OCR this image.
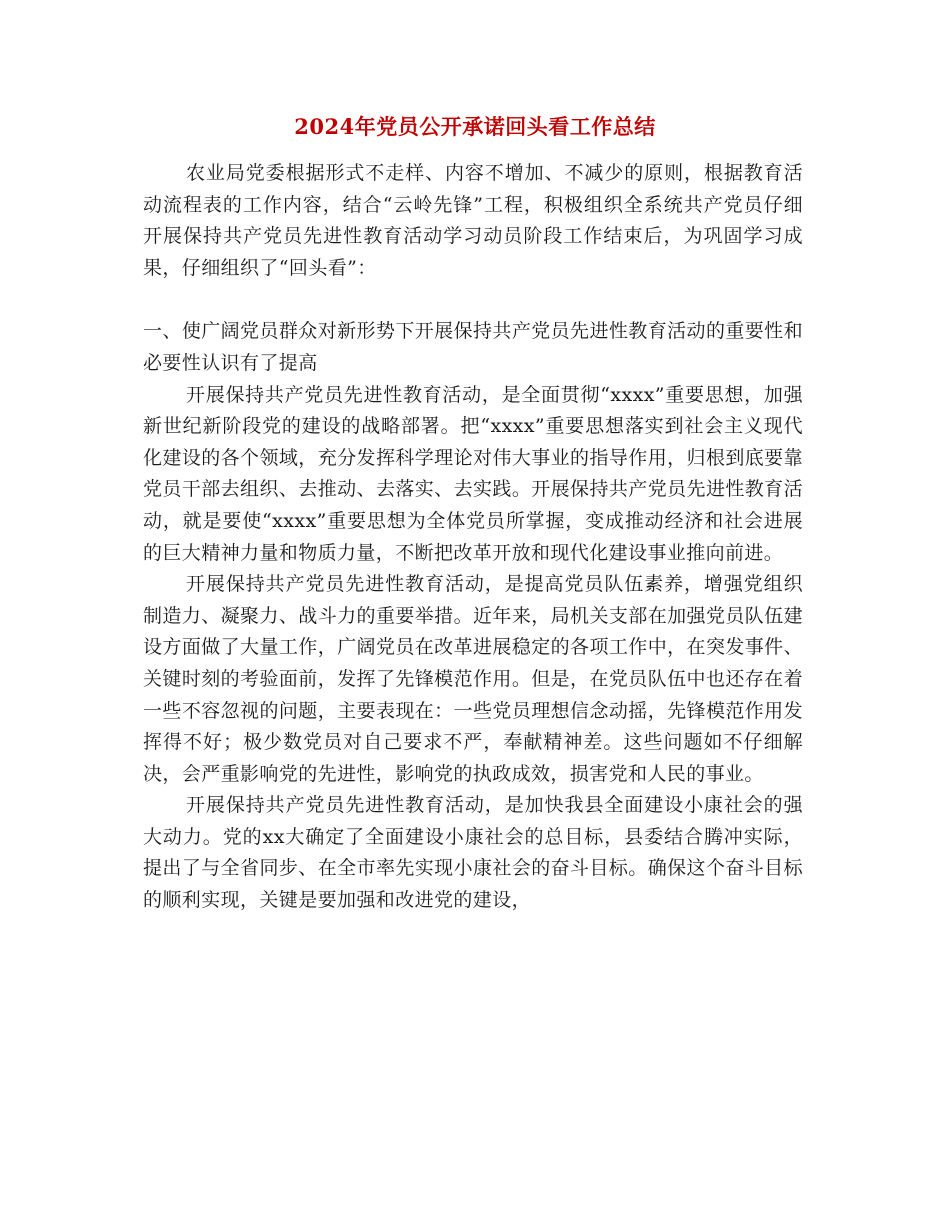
2024年党员公开承诺回头看工作总结

农业局党委根据形式不走样、内容不增加、不减少的原则，根据教育活动流程表的工作内容，结合“云岭先锋”工程，积极组织全系统共产党员仔细开展保持共产党员先进性教育活动学习动员阶段工作结束后，为巩固学习成果，仔细组织了“回头看”：

一、使广阔党员群众对新形势下开展保持共产党员先进性教育活动的重要性和必要性认识有了提高

开展保持共产党员先进性教育活动，是全面贯彻“xxxx”重要思想，加强新世纪新阶段党的建设的战略部署。把“xxxx”重要思想落实到社会主义现代化建设的各个领域，充分发挥科学理论对伟大事业的指导作用，归根到底要靠党员干部去组织、去推动、去落实、去实践。开展保持共产党员先进性教育活动，就是要使“xxxx”重要思想为全体党员所掌握，变成推动经济和社会进展的巨大精神力量和物质力量，不断把改革开放和现代化建设事业推向前进。

开展保持共产党员先进性教育活动，是提高党员队伍素养，增强党组织制造力、凝聚力、战斗力的重要举措。近年来，局机关支部在加强党员队伍建设方面做了大量工作，广阔党员在改革进展稳定的各项工作中，在突发事件、关键时刻的考验面前，发挥了先锋模范作用。但是，在党员队伍中也还存在着一些不容忽视的问题，主要表现在：一些党员理想信念动摇，先锋模范作用发挥得不好；极少数党员对自己要求不严，奉献精神差。这些问题如不仔细解决，会严重影响党的先进性，影响党的执政成效，损害党和人民的事业。

开展保持共产党员先进性教育活动，是加快我县全面建设小康社会的强大动力。党的xx大确定了全面建设小康社会的总目标，县委结合腾冲实际，提出了与全省同步、在全市率先实现小康社会的奋斗目标。确保这个奋斗目标的顺利实现，关键是要加强和改进党的建设，
